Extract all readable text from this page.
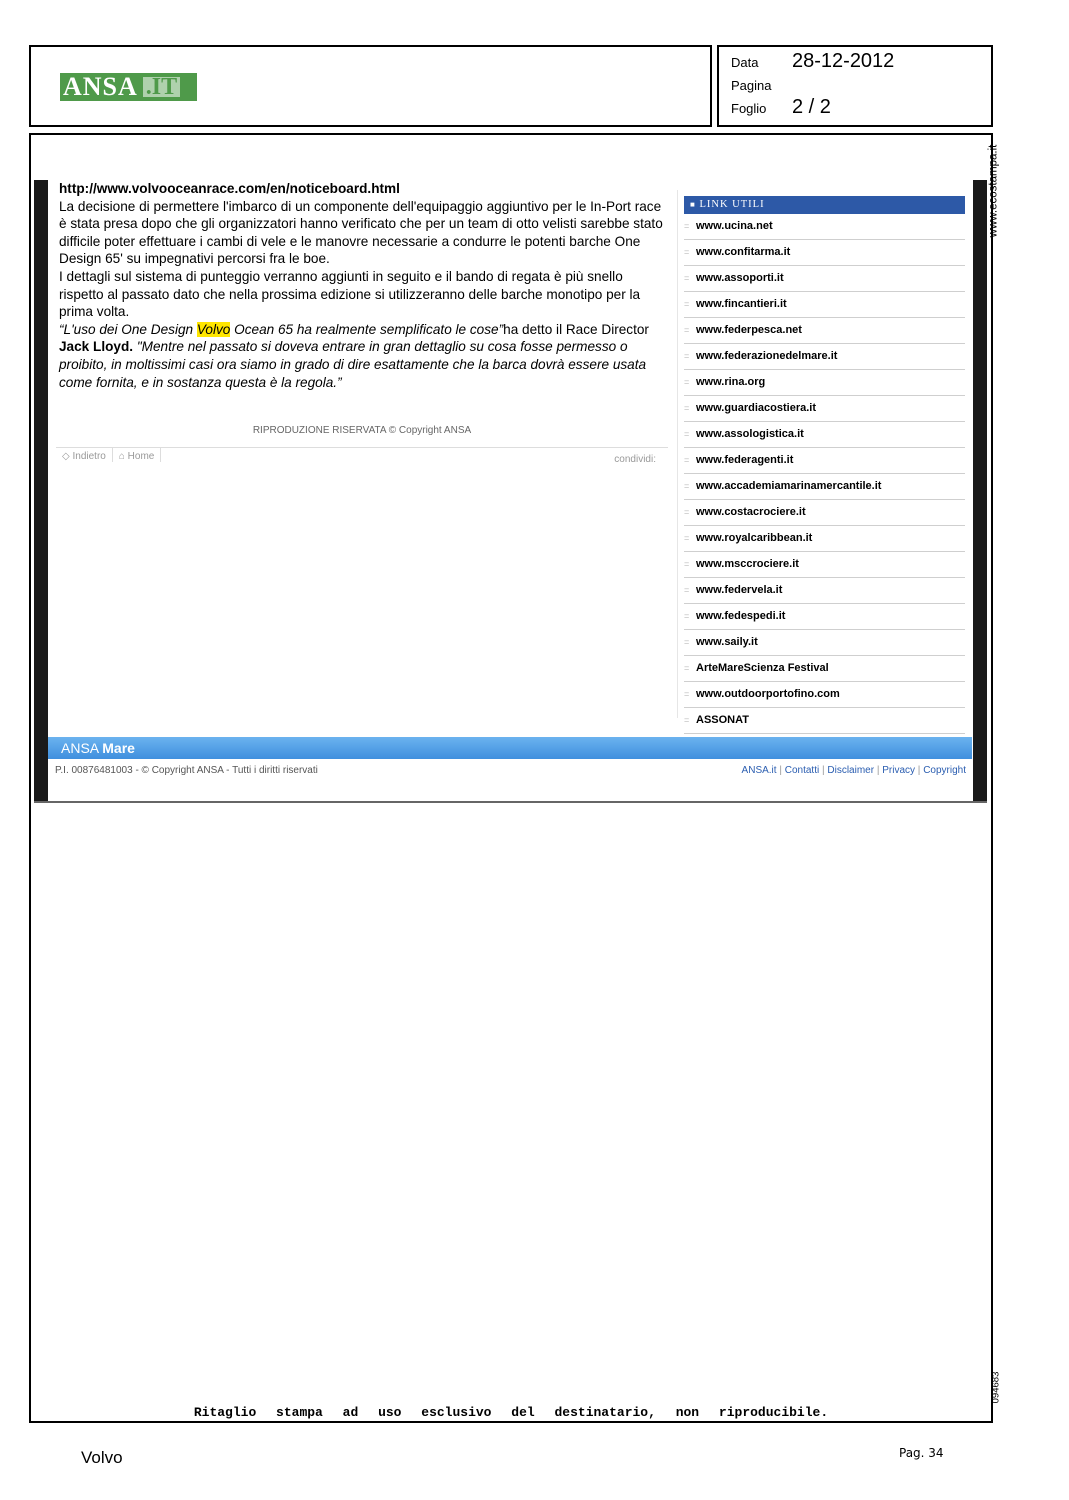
ANSA .IT
Data 28-12-2012
Pagina
Foglio 2 / 2

http://www.volvooceanrace.com/en/noticeboard.html

La decisione di permettere l'imbarco di un componente dell'equipaggio aggiuntivo per le In-Port race è stata presa dopo che gli organizzatori hanno verificato che per un team di otto velisti sarebbe stato difficile poter effettuare i cambi di vele e le manovre necessarie a condurre le potenti barche One Design 65' su impegnativi percorsi fra le boe.

I dettagli sul sistema di punteggio verranno aggiunti in seguito e il bando di regata è più snello rispetto al passato dato che nella prossima edizione si utilizzeranno delle barche monotipo per la prima volta.

“L'uso dei One Design Volvo Ocean 65 ha realmente semplificato le cose”ha detto il Race Director Jack Lloyd. "Mentre nel passato si doveva entrare in gran dettaglio su cosa fosse permesso o proibito, in moltissimi casi ora siamo in grado di dire esattamente che la barca dovrà essere usata come fornita, e in sostanza questa è la regola.”

RIPRODUZIONE RISERVATA © Copyright ANSA
◇ Indietro ⌂ Home	condividi:
■ LINK UTILI
= www.ucina.net
= www.confitarma.it
= www.assoporti.it
= www.fincantieri.it
= www.federpesca.net
= www.federazionedelmare.it
= www.rina.org
= www.guardiacostiera.it
= www.assologistica.it
= www.federagenti.it
= www.accademiamarinamercantile.it
= www.costacrociere.it
= www.royalcaribbean.it
= www.msccrociere.it
= www.federvela.it
= www.fedespedi.it
= www.saily.it
= ArteMareScienza Festival
= www.outdoorportofino.com
= ASSONAT
ANSA Mare
P.I. 00876481003 - © Copyright ANSA - Tutti i diritti riservati	ANSA.it | Contatti | Disclaimer | Privacy | Copyright
www.ecostampa.it
094683
Ritaglio stampa ad uso esclusivo del destinatario, non riproducibile.
Volvo	Pag. 34
